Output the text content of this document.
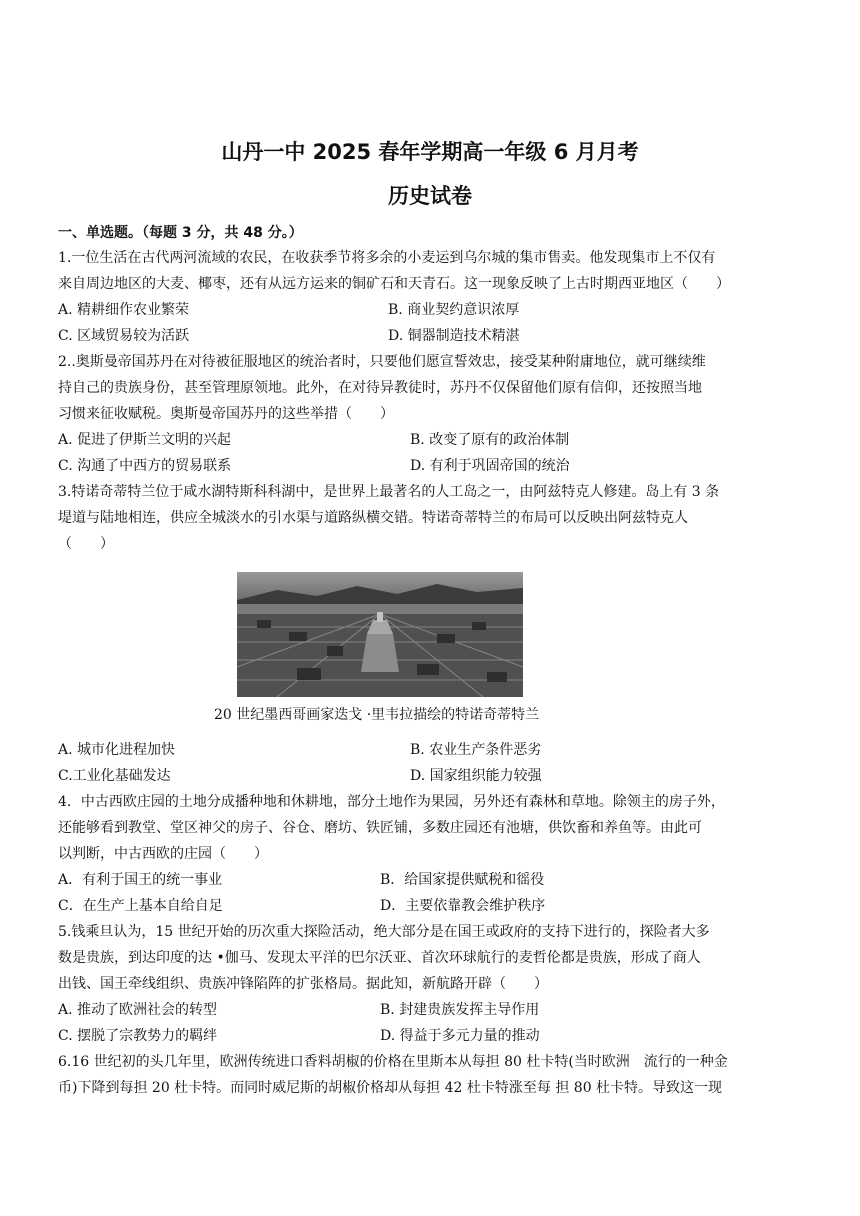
山丹一中 2025 春年学期高一年级 6 月月考
历史试卷
一、单选题。（每题 3 分，共 48 分。）
1.一位生活在古代两河流域的农民，在收获季节将多余的小麦运到乌尔城的集市售卖。他发现集市上不仅有
来自周边地区的大麦、椰枣，还有从远方运来的铜矿石和天青石。这一现象反映了上古时期西亚地区（　　）
A. 精耕细作农业繁荣	B. 商业契约意识浓厚
C. 区域贸易较为活跃	D. 铜器制造技术精湛
2..奥斯曼帝国苏丹在对待被征服地区的统治者时，只要他们愿宣誓效忠，接受某种附庸地位，就可继续维
持自己的贵族身份，甚至管理原领地。此外，在对待异教徒时，苏丹不仅保留他们原有信仰，还按照当地
习惯来征收赋税。奥斯曼帝国苏丹的这些举措（　　）
A. 促进了伊斯兰文明的兴起	B. 改变了原有的政治体制
C. 沟通了中西方的贸易联系	D. 有利于巩固帝国的统治
3.特诺奇蒂特兰位于咸水湖特斯科科湖中，是世界上最著名的人工岛之一，由阿兹特克人修建。岛上有 3 条
堤道与陆地相连，供应全城淡水的引水渠与道路纵横交错。特诺奇蒂特兰的布局可以反映出阿兹特克人
（　　）
20 世纪墨西哥画家迭戈 ·里韦拉描绘的特诺奇蒂特兰
A. 城市化进程加快	B. 农业生产条件恶劣
C.工业化基础发达	D. 国家组织能力较强
4．中古西欧庄园的土地分成播种地和休耕地，部分土地作为果园，另外还有森林和草地。除领主的房子外，
还能够看到教堂、堂区神父的房子、谷仓、磨坊、铁匠铺，多数庄园还有池塘，供饮畜和养鱼等。由此可
以判断，中古西欧的庄园（　　）
A．有利于国王的统一事业	B．给国家提供赋税和徭役
C．在生产上基本自给自足	D．主要依靠教会维护秩序
5.钱乘旦认为，15 世纪开始的历次重大探险活动，绝大部分是在国王或政府的支持下进行的，探险者大多
数是贵族，到达印度的达 •伽马、发现太平洋的巴尔沃亚、首次环球航行的麦哲伦都是贵族，形成了商人
出钱、国王牵线组织、贵族冲锋陷阵的扩张格局。据此知，新航路开辟（　　）
A. 推动了欧洲社会的转型	B. 封建贵族发挥主导作用
C. 摆脱了宗教势力的羁绊	D. 得益于多元力量的推动
6.16 世纪初的头几年里，欧洲传统进口香料胡椒的价格在里斯本从每担 80 杜卡特(当时欧洲　流行的一种金
币)下降到每担 20 杜卡特。而同时威尼斯的胡椒价格却从每担 42 杜卡特涨至每 担 80 杜卡特。导致这一现
